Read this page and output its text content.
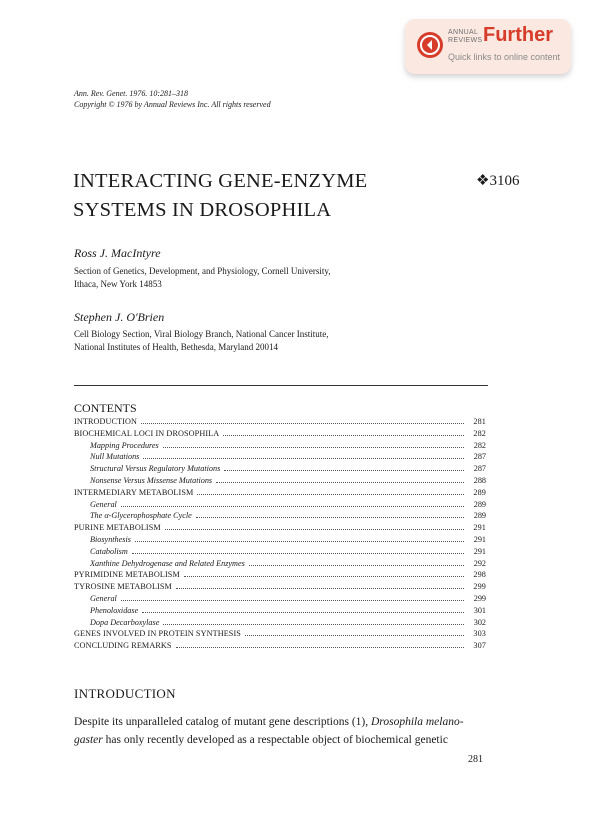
ANNUAL
REVIEWS Further
Quick links to online content
Ann. Rev. Genet. 1976. 10:281–318
Copyright © 1976 by Annual Reviews Inc. All rights reserved
INTERACTING GENE-ENZYME
SYSTEMS IN DROSOPHILA
❖3106
Ross J. MacIntyre
Section of Genetics, Development, and Physiology, Cornell University,
Ithaca, New York 14853
Stephen J. O'Brien
Cell Biology Section, Viral Biology Branch, National Cancer Institute,
National Institutes of Health, Bethesda, Maryland 20014
CONTENTS
INTRODUCTION	281
BIOCHEMICAL LOCI IN DROSOPHILA	282
Mapping Procedures	282
Null Mutations	287
Structural Versus Regulatory Mutations	287
Nonsense Versus Missense Mutations	288
INTERMEDIARY METABOLISM	289
General	289
The α-Glycerophosphate Cycle	289
PURINE METABOLISM	291
Biosynthesis	291
Catabolism	291
Xanthine Dehydrogenase and Related Enzymes	292
PYRIMIDINE METABOLISM	298
TYROSINE METABOLISM	299
General	299
Phenoloxidase	301
Dopa Decarboxylase	302
GENES INVOLVED IN PROTEIN SYNTHESIS	303
CONCLUDING REMARKS	307
INTRODUCTION
Despite its unparalleled catalog of mutant gene descriptions (1), Drosophila melano-
gaster has only recently developed as a respectable object of biochemical genetic
281
